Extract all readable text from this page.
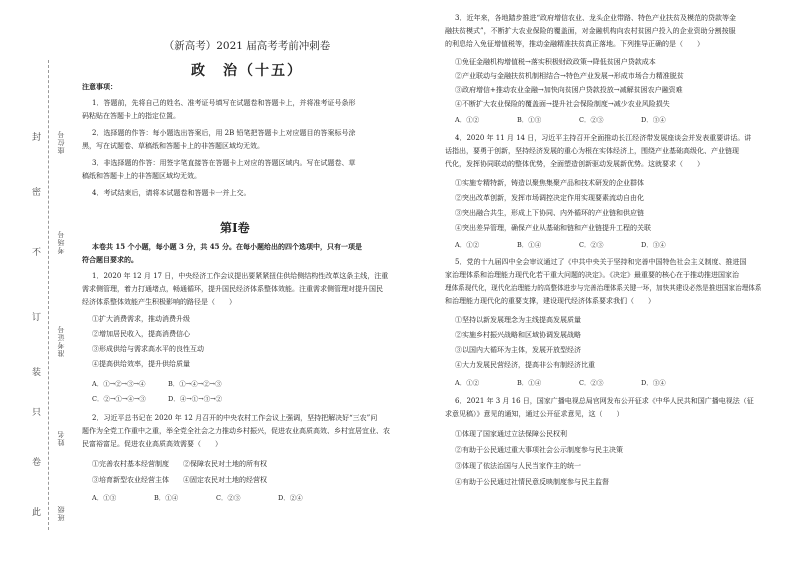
封
密
不
订
装
只
卷
此
座位号
考场号
准考证号
姓名
班级
（新高考）2021 届高考考前冲刺卷
政　治（十五）
注意事项：
1．答题前，先将自己的姓名、准考证号填写在试题卷和答题卡上，并将准考证号条形
码粘贴在答题卡上的指定位置。
2．选择题的作答：每小题选出答案后，用 2B 铅笔把答题卡上对应题目的答案标号涂
黑，写在试题卷、草稿纸和答题卡上的非答题区域均无效。
3．非选择题的作答：用签字笔直接答在答题卡上对应的答题区域内。写在试题卷、草
稿纸和答题卡上的非答题区域均无效。
4．考试结束后，请将本试题卷和答题卡一并上交。
第Ⅰ卷
本卷共 15 个小题，每小题 3 分，共 45 分。在每小题给出的四个选项中，只有一项是
符合题目要求的。
1．2020 年 12 月 17 日，中央经济工作会议提出要紧紧扭住供给侧结构性改革这条主线，注重
需求侧管理，着力打通堵点，畅通循环，提升国民经济体系整体效能。注重需求侧管理对提升国民
经济体系整体效能产生积极影响的路径是（　　）
①扩大消费需求，推动消费升级
②增加居民收入，提高消费信心
③形成供给与需求高水平的良性互动
④提高供给效率，提升供给质量
A．①→②→③→④	B．①→④→②→③
C．②→①→④→③	D．④→①→③→②
2．习近平总书记在 2020 年 12 月召开的中央农村工作会议上强调，坚持把解决好“三农”问
题作为全党工作重中之重，举全党全社会之力推动乡村振兴，促进农业高质高效、乡村宜居宜业、农
民富裕富足。促进农业高质高效需要（　　）
①完善农村基本经营制度　　②保障农民对土地的所有权
③培育新型农业经营主体　　④固定农民对土地的经营权
A．①③	B．①④	C．②③	D．②④
3．近年来，各地踏步推进“政府增信农业、龙头企业带路、特色产业扶贫及模范的贷款等金
融扶贫模式”，不断扩大农业保险的覆盖面，对金融机构向农村贫困户投入的企业资助分割按服
的利息给入免征增值税等，推动金融精准扶贫真正落地。下列推导正确的是（　　）
①免征金融机构增值税→落实积极财政政策→降低贫困户贷款成本
②产业联动与金融扶贫机制相结合→特色产业发展→形成市场合力精准脱贫
③政府增信+推动农业金融→加快向贫困户贷款投放→减解贫困农户融资难
④不断扩大农业保险的覆盖面→提升社会保险制度→减少农业风险损失
A．①②	B．①③	C．②③	D．③④
4．2020 年 11 月 14 日，习近平主持召开全面推动长江经济带发展座谈会并发表重要讲话。讲
话指出，要勇于创新，坚持经济发展的重心为根在实体经济上，围绕产业基础高级化、产业链现
代化，发挥协同联动的整体优势，全面塑造创新驱动发展新优势。这就要求（　　）
①实施专精特新，铸造以聚焦集聚产品和技术研发的企业群体
②突出改革创新，发挥市场调控决定作用实现要素流动自由化
③突出融合共生，形成上下协同、内外循环的产业链和供应链
④突出差异管理，确保产业从基础和链和产业链提升工程的关联
A．①②	B．①④	C．②③	D．③④
5．党的十九届四中全会审议通过了《中共中央关于坚持和完善中国特色社会主义制度、推进国
家治理体系和治理能力现代化若干重大问题的决定》。《决定》最重要的核心在于推动推进国家治
理体系现代化，现代化治理能力的高整体进步与完善治理体系关键一环，加快其建设必然是推进国家治理体系
和治理能力现代化的重要支撑，建设现代经济体系要求我们（　　）
①坚持以新发展理念为主线提高发展质量
②实施乡村振兴战略和区域协调发展战略
③以国内大循环为主体，发展开放型经济
④大力发展民营经济，提高非公有制经济比重
A．①②	B．①④	C．②③	D．③④
6．2021 年 3 月 16 日，国家广播电视总局官网发布公开征求《中华人民共和国广播电视法（征
求意见稿）》意见的通知，通过公开征求意见，这（　　）
①体现了国家通过立法保障公民权利
②有助于公民通过重大事项社会公示制度参与民主决策
③体现了依法治国与人民当家作主的统一
④有助于公民通过社情民意反映制度参与民主监督
